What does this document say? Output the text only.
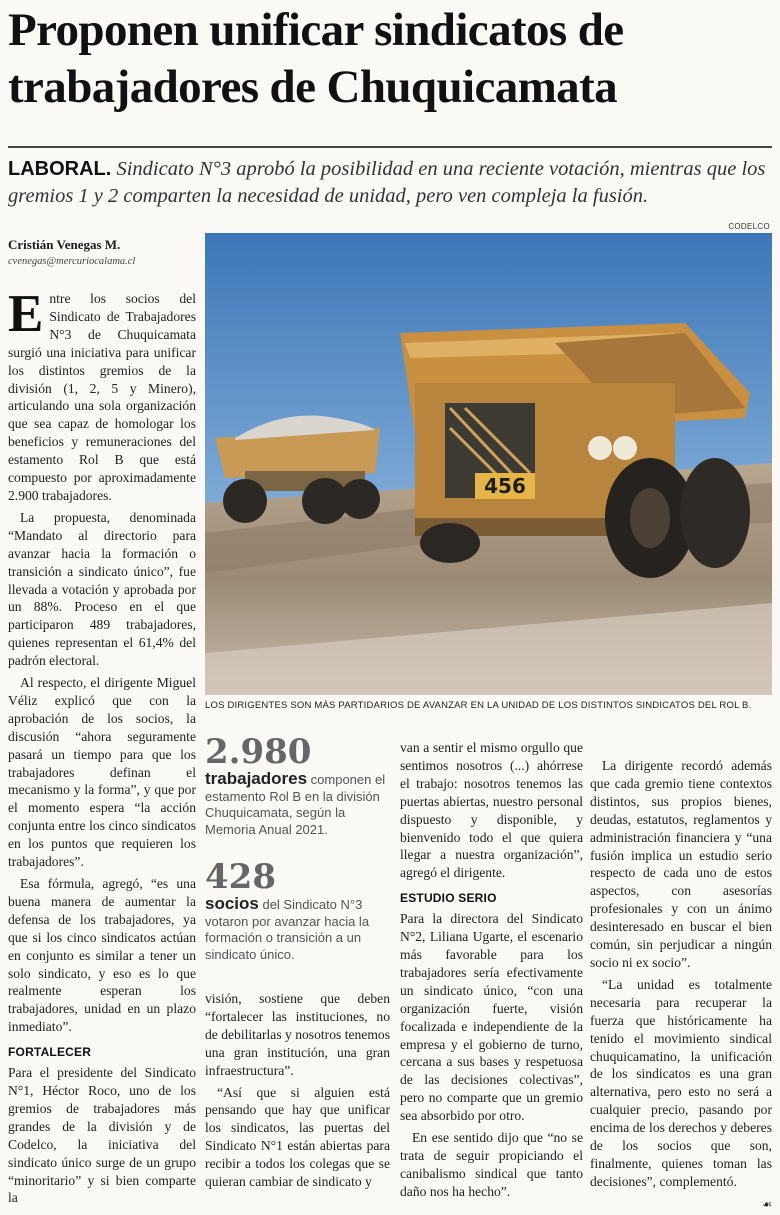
Proponen unificar sindicatos de trabajadores de Chuquicamata
LABORAL. Sindicato N°3 aprobó la posibilidad en una reciente votación, mientras que los gremios 1 y 2 comparten la necesidad de unidad, pero ven compleja la fusión.
CODELCO
456
LOS DIRIGENTES SON MÁS PARTIDARIOS DE AVANZAR EN LA UNIDAD DE LOS DISTINTOS SINDICATOS DEL ROL B.
Cristián Venegas M.
cvenegas@mercuriocalama.cl

Entre los socios del Sindicato de Trabajadores N°3 de Chuquicamata surgió una iniciativa para unificar los distintos gremios de la división (1, 2, 5 y Minero), articulando una sola organización que sea capaz de homologar los beneficios y remuneraciones del estamento Rol B que está compuesto por aproximadamente 2.900 trabajadores.

La propuesta, denominada “Mandato al directorio para avanzar hacia la formación o transición a sindicato único”, fue llevada a votación y aprobada por un 88%. Proceso en el que participaron 489 trabajadores, quienes representan el 61,4% del padrón electoral.

Al respecto, el dirigente Miguel Véliz explicó que con la aprobación de los socios, la discusión “ahora seguramente pasará un tiempo para que los trabajadores definan el mecanismo y la forma”, y que por el momento espera “la acción conjunta entre los cinco sindicatos en los puntos que requieren los trabajadores”.

Esa fórmula, agregó, “es una buena manera de aumentar la defensa de los trabajadores, ya que si los cinco sindicatos actúan en conjunto es similar a tener un solo sindicato, y eso es lo que realmente esperan los trabajadores, unidad en un plazo inmediato”.

FORTALECER

Para el presidente del Sindicato N°1, Héctor Roco, uno de los gremios de trabajadores más grandes de la división y de Codelco, la iniciativa del sindicato único surge de un grupo “minoritario” y si bien comparte la

2.980
trabajadores componen el estamento Rol B en la división Chuquicamata, según la Memoria Anual 2021.
428
socios del Sindicato N°3 votaron por avanzar hacia la formación o transición a un sindicato único.

visión, sostiene que deben “fortalecer las instituciones, no de debilitarlas y nosotros tenemos una gran institución, una gran infraestructura”.

“Así que si alguien está pensando que hay que unificar los sindicatos, las puertas del Sindicato N°1 están abiertas para recibir a todos los colegas que se quieran cambiar de sindicato y

van a sentir el mismo orgullo que sentimos nosotros (...) ahórrese el trabajo: nosotros tenemos las puertas abiertas, nuestro personal dispuesto y disponible, y bienvenido todo el que quiera llegar a nuestra organización”, agregó el dirigente.

ESTUDIO SERIO

Para la directora del Sindicato N°2, Liliana Ugarte, el escenario más favorable para los trabajadores sería efectivamente un sindicato único, “con una organización fuerte, visión focalizada e independiente de la empresa y el gobierno de turno, cercana a sus bases y respetuosa de las decisiones colectivas”, pero no comparte que un gremio sea absorbido por otro.

En ese sentido dijo que “no se trata de seguir propiciando el canibalismo sindical que tanto daño nos ha hecho”.

La dirigente recordó además que cada gremio tiene contextos distintos, sus propios bienes, deudas, estatutos, reglamentos y administración financiera y “una fusión implica un estudio serio respecto de cada uno de estos aspectos, con asesorías profesionales y con un ánimo desinteresado en buscar el bien común, sin perjudicar a ningún socio ni ex socio”.

“La unidad es totalmente necesaria para recuperar la fuerza que históricamente ha tenido el movimiento sindical chuquicamatino, la unificación de los sindicatos es una gran alternativa, pero esto no será a cualquier precio, pasando por encima de los derechos y deberes de los socios que son, finalmente, quienes toman las decisiones”, complementó.

☙
